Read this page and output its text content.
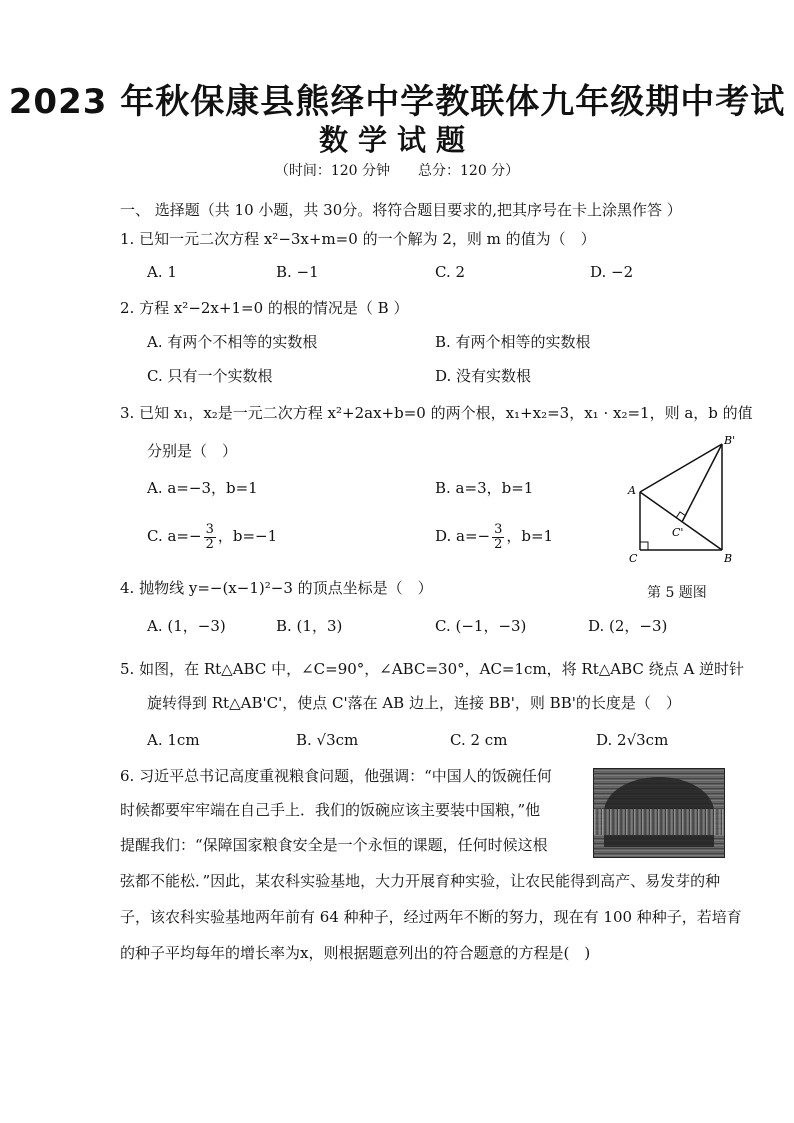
2023 年秋保康县熊绎中学教联体九年级期中考试
数学试题
（时间：120 分钟　　总分：120 分）
一、 选择题（共 10 小题，共 30分。将符合题目要求的,把其序号在卡上涂黑作答 ）
1. 已知一元二次方程 x²−3x+m=0 的一个解为 2，则 m 的值为（　）
A. 1	B. −1	C. 2	D. −2
2. 方程 x²−2x+1=0 的根的情况是（ B ）
A. 有两个不相等的实数根	B. 有两个相等的实数根
C. 只有一个实数根	D. 没有实数根
3. 已知 x₁，x₂是一元二次方程 x²+2ax+b=0 的两个根，x₁+x₂=3，x₁ · x₂=1，则 a，b 的值
分别是（　）
A. a=−3，b=1	B. a=3，b=1
C. $a=- \frac{3}{2}$ ，b=−1	D. $a=- \frac{3}{2}$ ，b=1
A
C	B
B'
C'
第 5 题图
4. 抛物线 y=−(x−1)²−3 的顶点坐标是（　）
A. (1，−3)	B. (1，3)	C. (−1，−3)	D. (2，−3)
5. 如图，在 Rt△ABC 中，∠C=90°，∠ABC=30°，AC=1cm，将 Rt△ABC 绕点 A 逆时针
旋转得到 Rt△AB'C'，使点 C'落在 AB 边上，连接 BB'，则 BB'的长度是（　）
A. 1cm	B. √3cm	C. 2 cm	D. 2√3cm
6. 习近平总书记高度重视粮食问题，他强调：“中国人的饭碗任何
时候都要牢牢端在自己手上．我们的饭碗应该主要装中国粮，”他
提醒我们：“保障国家粮食安全是一个永恒的课题，任何时候这根
弦都不能松．”因此，某农科实验基地，大力开展育种实验，让农民能得到高产、易发芽的种
子，该农科实验基地两年前有 64 种种子，经过两年不断的努力，现在有 100 种种子，若培育
的种子平均每年的增长率为x，则根据题意列出的符合题意的方程是(　)
